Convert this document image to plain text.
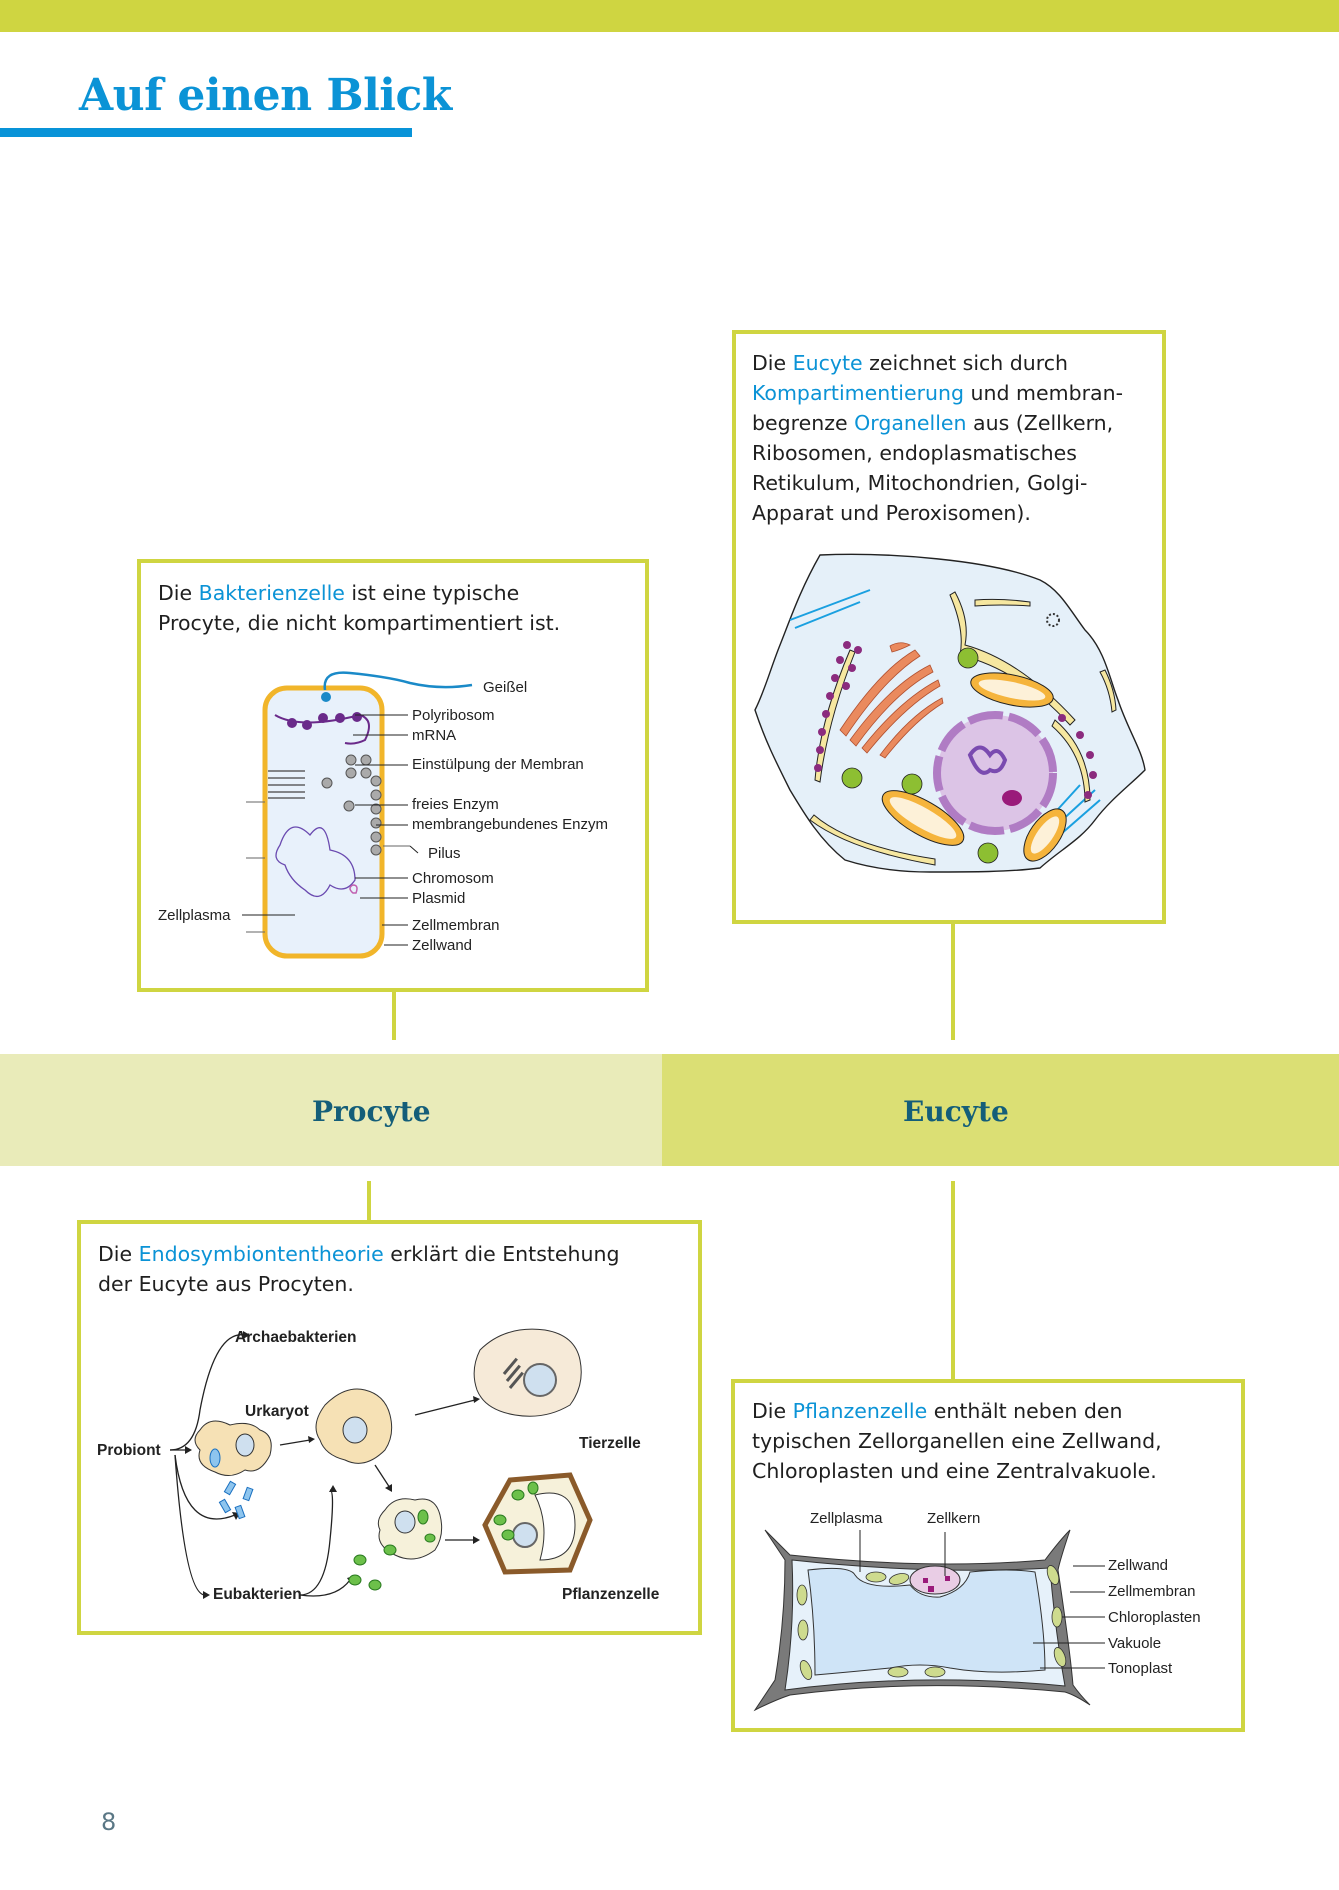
Auf einen Blick
Die Eucyte zeichnet sich durch
Kompartimentierung und membran-
begrenze Organellen aus (Zellkern,
Ribosomen, endoplasmatisches
Retikulum, Mitochondrien, Golgi-
Apparat und Peroxisomen).
Die Bakterienzelle ist eine typische
Procyte, die nicht kompartimentiert ist.
Geißel
Polyribosom
mRNA
Einstülpung der Membran
freies Enzym
membrangebundenes Enzym
Pilus
Chromosom
Plasmid
Zellplasma
Zellmembran
Zellwand
Procyte	Eucyte
Die Endosymbiontentheorie erklärt die Entstehung
der Eucyte aus Procyten.
Archaebakterien
Urkaryot
Probiont
Eubakterien
Tierzelle
Pflanzenzelle
Die Pflanzenzelle enthält neben den
typischen Zellorganellen eine Zellwand,
Chloroplasten und eine Zentralvakuole.
Zellplasma	Zellkern
Zellwand
Zellmembran
Chloroplasten
Vakuole
Tonoplast
8
